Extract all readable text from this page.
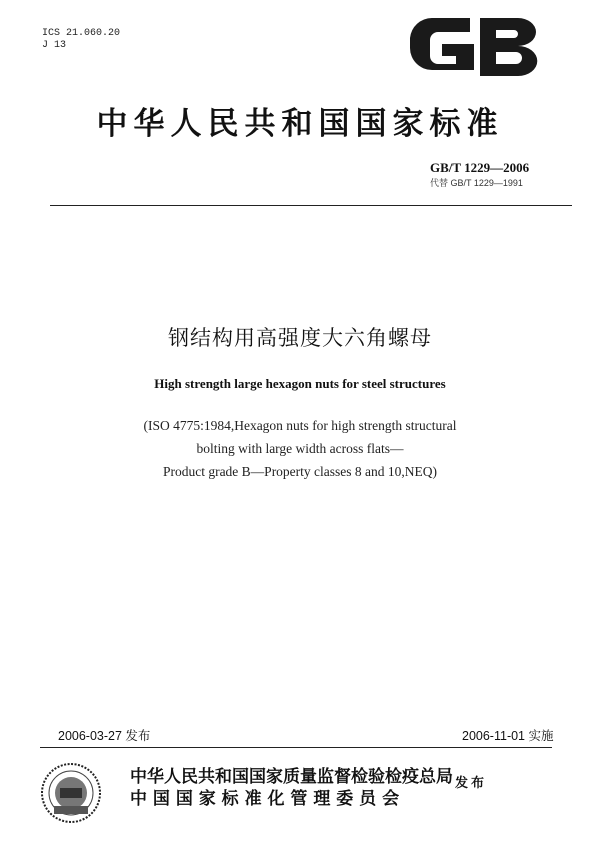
ICS 21.060.20
J 13
中华人民共和国国家标准
GB/T 1229—2006
代替 GB/T 1229—1991
钢结构用高强度大六角螺母
High strength large hexagon nuts for steel structures
(ISO 4775:1984,Hexagon nuts for high strength structural
bolting with large width across flats—
Product grade B—Property classes 8 and 10,NEQ)
2006-03-27 发布	2006-11-01 实施
中华人民共和国国家质量监督检验检疫总局
中 国 国 家 标 准 化 管 理 委 员 会
发布
